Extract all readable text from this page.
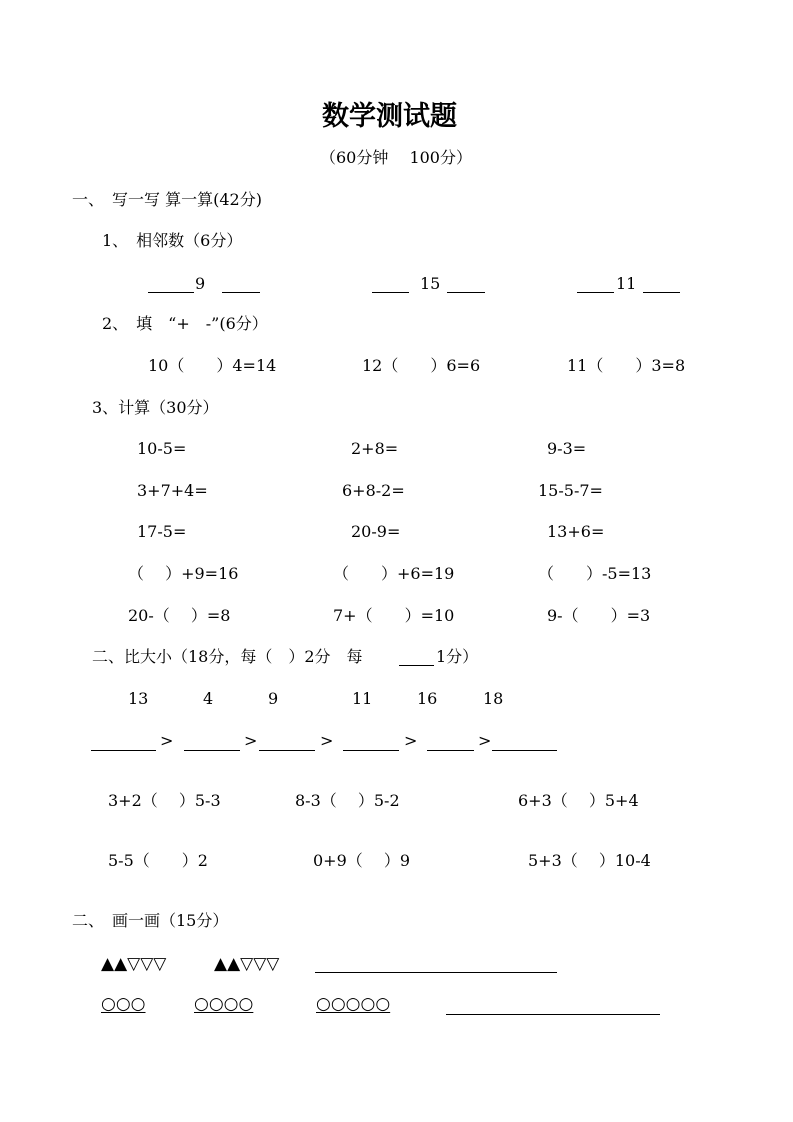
数学测试题
（60分钟　 100分）
一、　写一写 算一算(42分)
1、　相邻数（6分）
9	15	11
2、　填　“+　-”(6分）
10（　　）4=14	12（　　）6=6	11（　　）3=8
3、计算（30分）
10-5=	2+8=	9-3=
3+7+4=	6+8-2=	15-5-7=
17-5=	20-9=	13+6=
（　 ）+9=16	（　　）+6=19	（　　）-5=13
20-（　 ）=8	7+（　　）=10	9-（　　）=3
二、比大小（18分，每（　）2分　每	1分）
13	4	9	11	16	18
>	>	>	>	>
3+2（　 ）5-3	8-3（　 ）5-2	6+3（　 ）5+4
5-5（　　）2	0+9（　 ）9	5+3（　 ）10-4
二、　画一画（15分）
▲▲▽▽▽	▲▲▽▽▽
○○○	○○○○	○○○○○
